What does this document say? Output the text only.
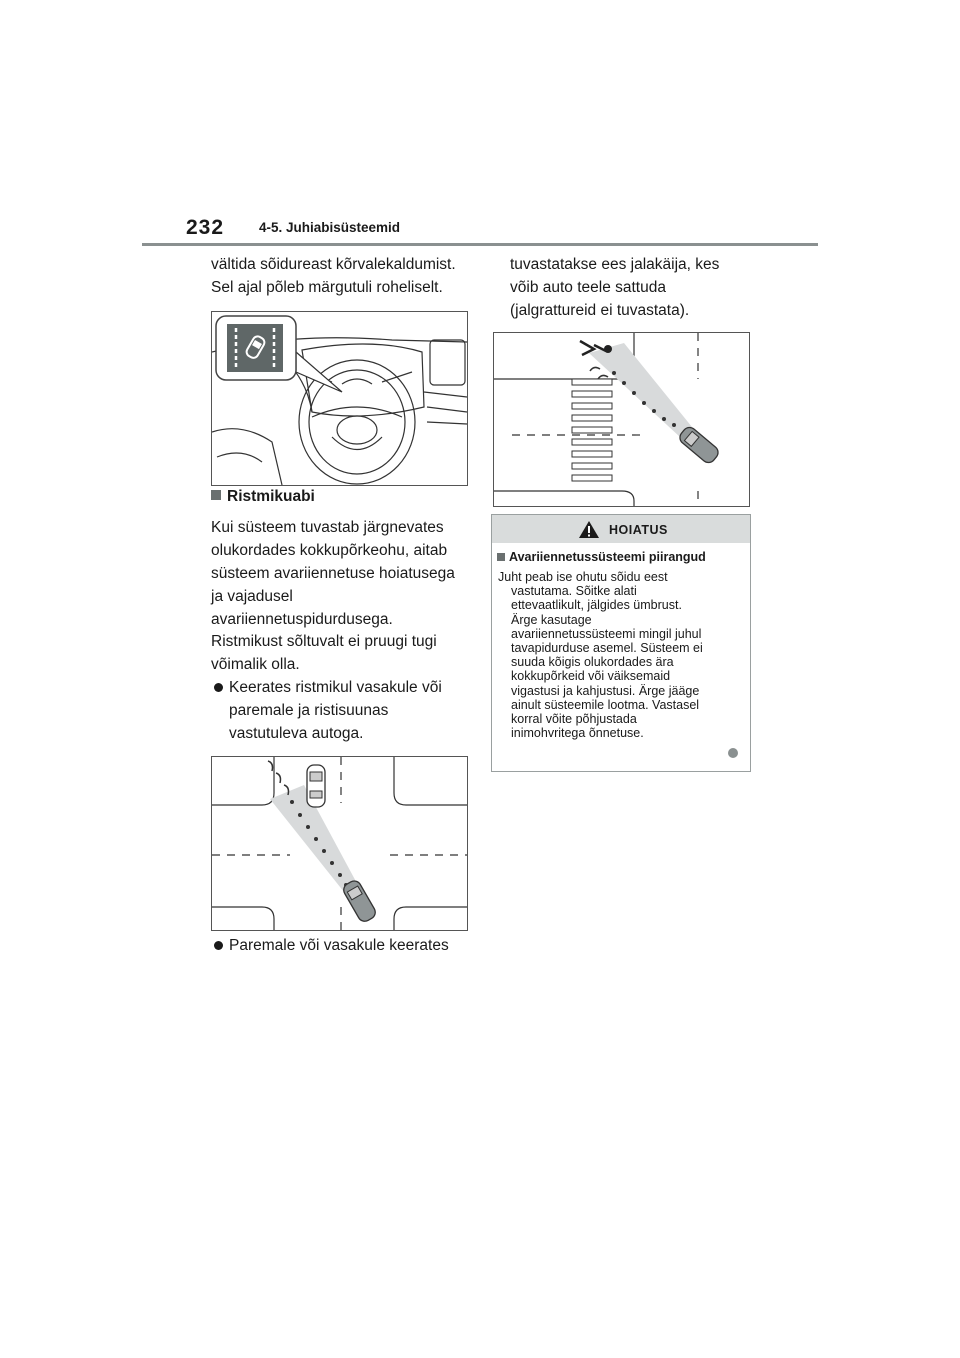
232	4-5. Juhiabisüsteemid

vältida sõidureast kõrvalekaldumist.

Sel ajal põleb märgutuli roheliselt.

Ristmikuabi

Kui süsteem tuvastab järgnevates

olukordades kokkupõrkeohu, aitab

süsteem avariiennetuse hoiatusega

ja vajadusel

avariiennetuspidurdusega.

Ristmikust sõltuvalt ei pruugi tugi

võimalik olla.

Keerates ristmikul vasakule või

paremale ja ristisuunas

vastutuleva autoga.

Paremale või vasakule keerates

tuvastatakse ees jalakäija, kes

võib auto teele sattuda

(jalgrattureid ei tuvastata).

HOIATUS
Avariiennetussüsteemi piirangud
Juht peab ise ohutu sõidu eest
vastutama. Sõitke alati
ettevaatlikult, jälgides ümbrust.
Ärge kasutage
avariiennetussüsteemi mingil juhul
tavapidurduse asemel. Süsteem ei
suuda kõigis olukordades ära
kokkupõrkeid või väiksemaid
vigastusi ja kahjustusi. Ärge jääge
ainult süsteemile lootma. Vastasel
korral võite põhjustada
inimohvritega õnnetuse.
